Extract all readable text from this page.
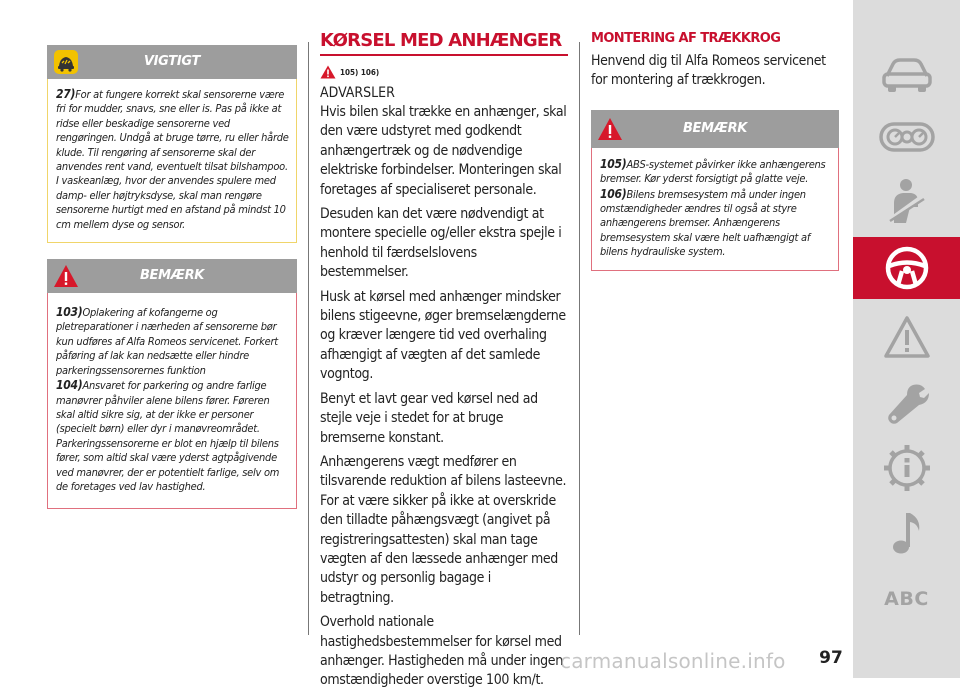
VIGTIGT

27)For at fungere korrekt skal sensorerne være fri for mudder, snavs, sne eller is. Pas på ikke at ridse eller beskadige sensorerne ved rengøringen. Undgå at bruge tørre, ru eller hårde klude. Til rengøring af sensorerne skal der anvendes rent vand, eventuelt tilsat bilshampoo. I vaskeanlæg, hvor der anvendes spulere med damp- eller højtryksdyse, skal man rengøre sensorerne hurtigt med en afstand på mindst 10 cm mellem dyse og sensor.

BEMÆRK

103)Oplakering af kofangerne og pletreparationer i nærheden af sensorerne bør kun udføres af Alfa Romeos servicenet. Forkert påføring af lak kan nedsætte eller hindre parkeringssensorernes funktion

104)Ansvaret for parkering og andre farlige manøvrer påhviler alene bilens fører. Føreren skal altid sikre sig, at der ikke er personer (specielt børn) eller dyr i manøvreområdet. Parkeringssensorerne er blot en hjælp til bilens fører, som altid skal være yderst agtpågivende ved manøvrer, der er potentielt farlige, selv om de foretages ved lav hastighed.

KØRSEL MED ANHÆNGER
105) 106)
ADVARSLER

Hvis bilen skal trække en anhænger, skal den være udstyret med godkendt anhængertræk og de nødvendige elektriske forbindelser. Monteringen skal foretages af specialiseret personale.

Desuden kan det være nødvendigt at montere specielle og/eller ekstra spejle i henhold til færdselslovens bestemmelser.

Husk at kørsel med anhænger mindsker bilens stigeevne, øger bremselængderne og kræver længere tid ved overhaling afhængigt af vægten af det samlede vogntog.

Benyt et lavt gear ved kørsel ned ad stejle veje i stedet for at bruge bremserne konstant.

Anhængerens vægt medfører en tilsvarende reduktion af bilens lasteevne. For at være sikker på ikke at overskride den tilladte påhængsvægt (angivet på registreringsattesten) skal man tage vægten af den læssede anhænger med udstyr og personlig bagage i betragtning.

Overhold nationale hastighedsbestemmelser for kørsel med anhænger. Hastigheden må under ingen omstændigheder overstige 100 km/t.

MONTERING AF TRÆKKROG

Henvend dig til Alfa Romeos servicenet for montering af trækkrogen.

BEMÆRK

105)ABS-systemet påvirker ikke anhængerens bremser. Kør yderst forsigtigt på glatte veje.

106)Bilens bremsesystem må under ingen omstændigheder ændres til også at styre anhængerens bremser. Anhængerens bremsesystem skal være helt uafhængigt af bilens hydrauliske system.

ABC
carmanualsonline.info	97
